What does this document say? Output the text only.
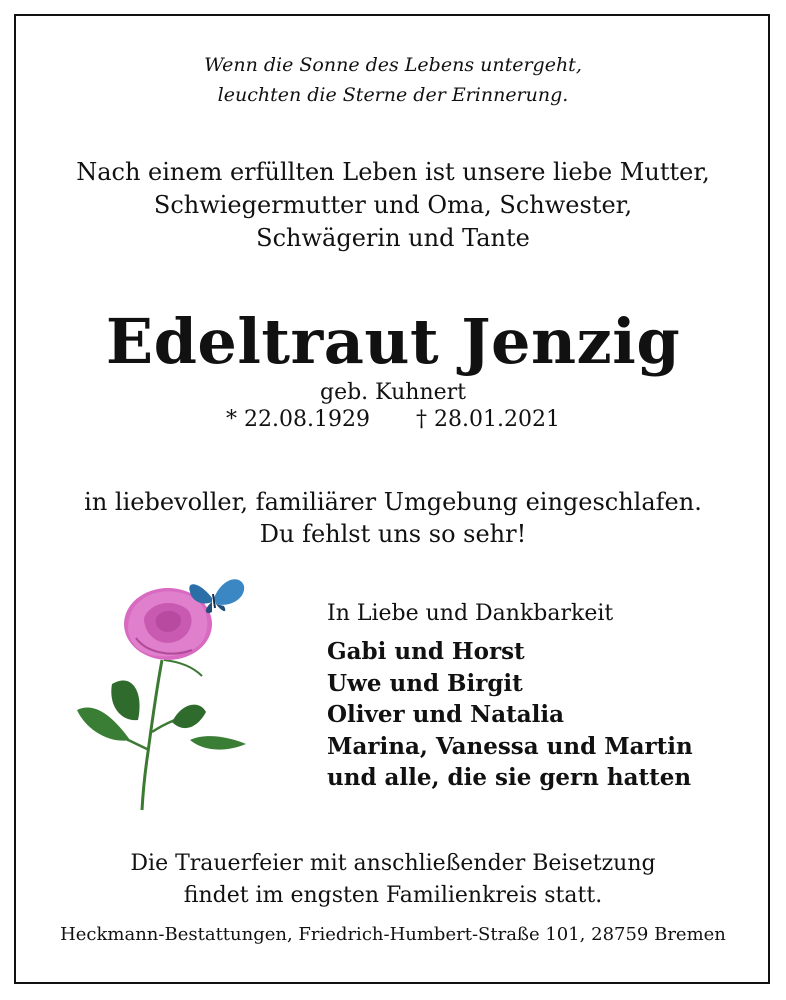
Wenn die Sonne des Lebens untergeht,
leuchten die Sterne der Erinnerung.
Nach einem erfüllten Leben ist unsere liebe Mutter,
Schwiegermutter und Oma, Schwester,
Schwägerin und Tante
Edeltraut Jenzig
geb. Kuhnert
* 22.08.1929 † 28.01.2021
in liebevoller, familiärer Umgebung eingeschlafen.
Du fehlst uns so sehr!
In Liebe und Dankbarkeit
Gabi und Horst
Uwe und Birgit
Oliver und Natalia
Marina, Vanessa und Martin
und alle, die sie gern hatten
Die Trauerfeier mit anschließender Beisetzung
findet im engsten Familienkreis statt.
Heckmann-Bestattungen, Friedrich-Humbert-Straße 101, 28759 Bremen
